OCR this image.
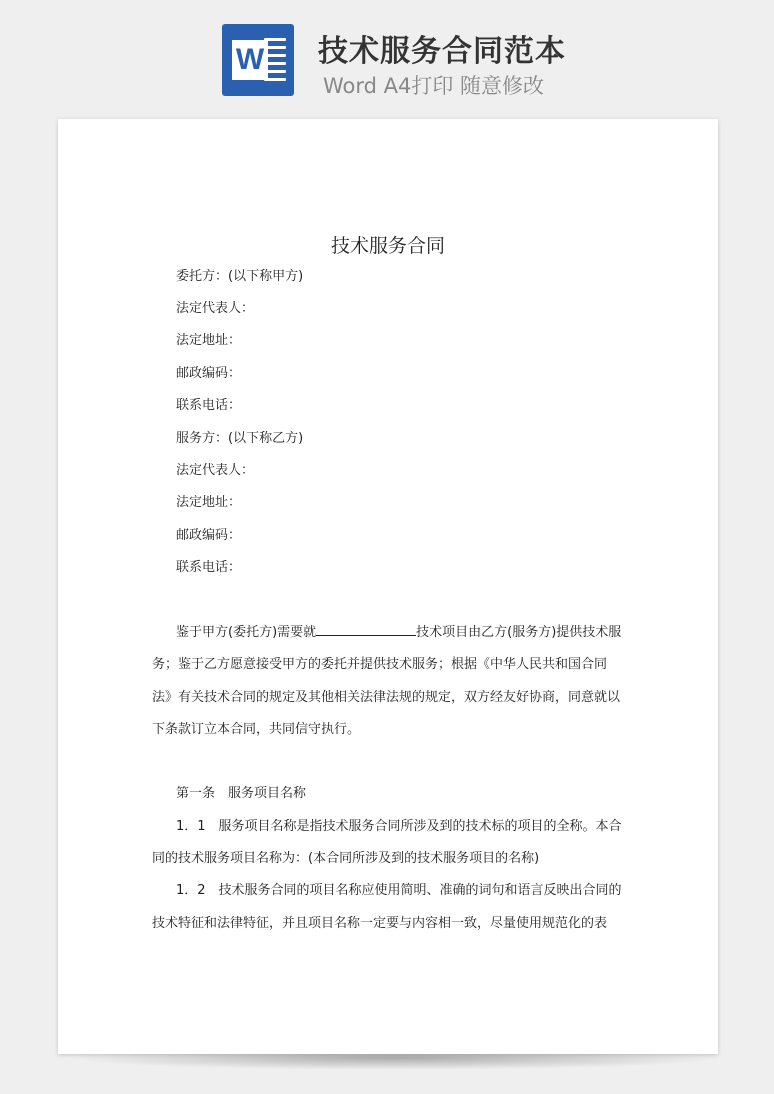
W 技术服务合同范本
Word A4打印 随意修改
技术服务合同
委托方：(以下称甲方)
法定代表人：
法定地址：
邮政编码：
联系电话：
服务方：(以下称乙方)
法定代表人：
法定地址：
邮政编码：
联系电话：
鉴于甲方(委托方)需要就	技术项目由乙方(服务方)提供技术服
务；鉴于乙方愿意接受甲方的委托并提供技术服务；根据《中华人民共和国合同
法》有关技术合同的规定及其他相关法律法规的规定，双方经友好协商，同意就以
下条款订立本合同，共同信守执行。
第一条　服务项目名称
1．1　服务项目名称是指技术服务合同所涉及到的技术标的项目的全称。本合
同的技术服务项目名称为：(本合同所涉及到的技术服务项目的名称)
1．2　技术服务合同的项目名称应使用简明、准确的词句和语言反映出合同的
技术特征和法律特征，并且项目名称一定要与内容相一致，尽量使用规范化的表
